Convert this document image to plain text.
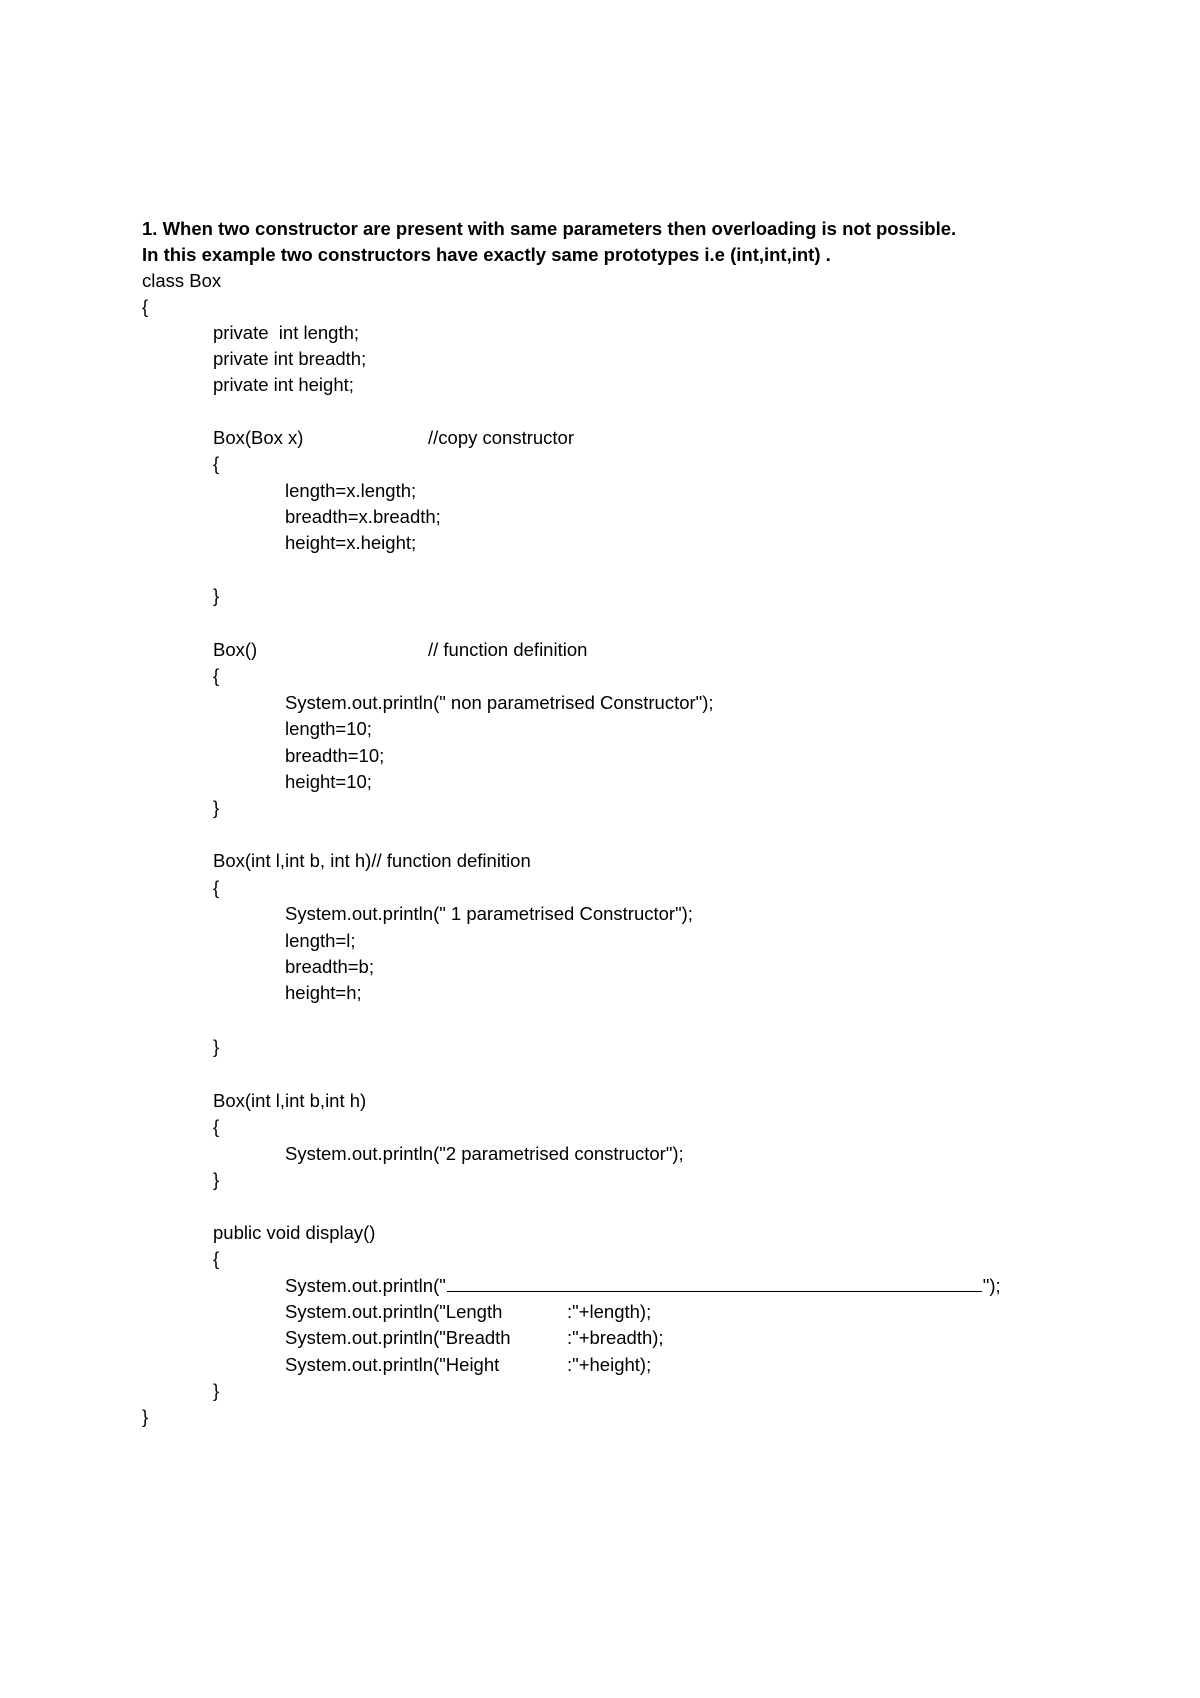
1. When two constructor are present with same parameters then overloading is not possible.
In this example two constructors have exactly same prototypes i.e (int,int,int) .
class Box
{
private  int length;
private int breadth;
private int height;
Box(Box x)	//copy constructor
{
length=x.length;
breadth=x.breadth;
height=x.height;
}
Box()	// function definition
{
System.out.println(" non parametrised Constructor");
length=10;
breadth=10;
height=10;
}
Box(int l,int b, int h)// function definition
{
System.out.println(" 1 parametrised Constructor");
length=l;
breadth=b;
height=h;
}
Box(int l,int b,int h)
{
System.out.println("2 parametrised constructor");
}
public void display()
{
System.out.println("	");
System.out.println("Length	:"+length);
System.out.println("Breadth	:"+breadth);
System.out.println("Height	:"+height);
}
}
